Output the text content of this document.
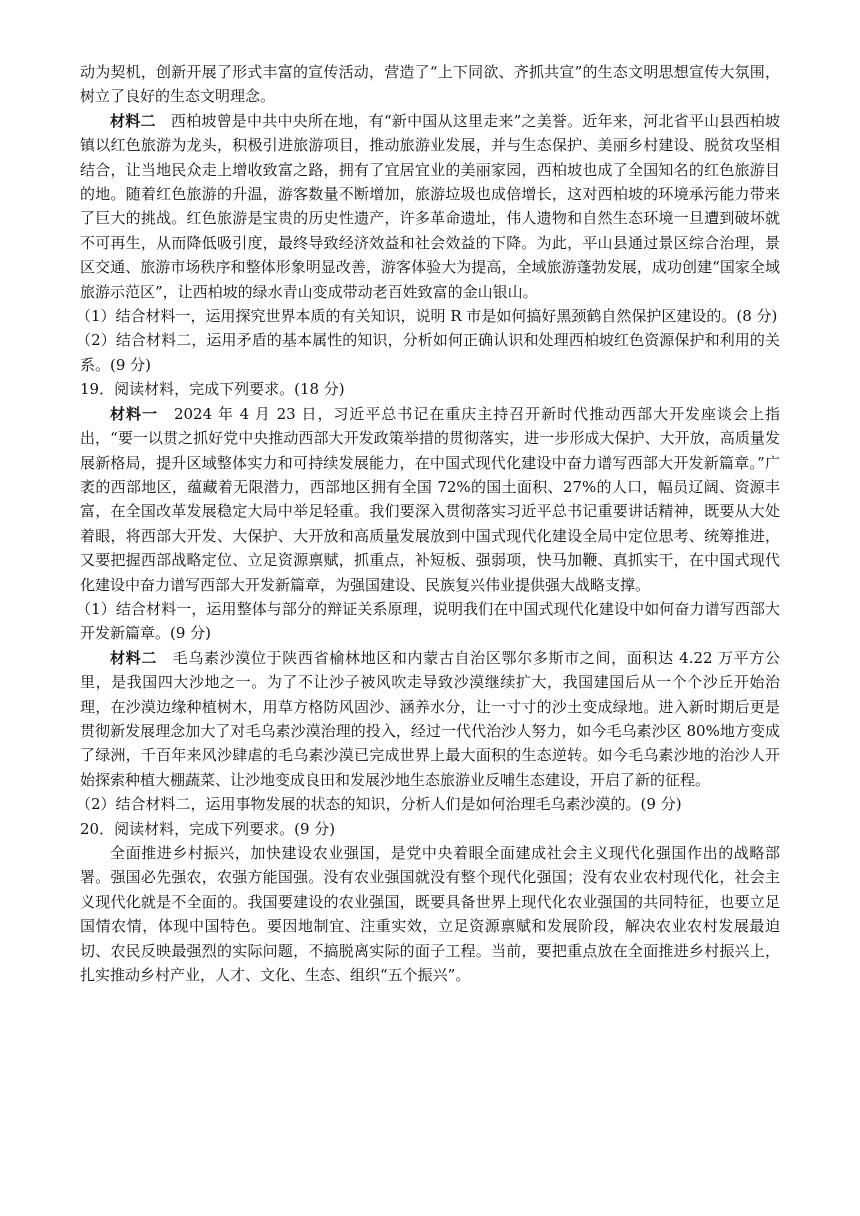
动为契机，创新开展了形式丰富的宣传活动，营造了“上下同欲、齐抓共宣”的生态文明思想宣传大氛围，树立了良好的生态文明理念。

材料二　 西柏坡曾是中共中央所在地，有“新中国从这里走来”之美誉。近年来，河北省平山县西柏坡镇以红色旅游为龙头，积极引进旅游项目，推动旅游业发展，并与生态保护、美丽乡村建设、脱贫攻坚相结合，让当地民众走上增收致富之路，拥有了宜居宜业的美丽家园，西柏坡也成了全国知名的红色旅游目的地。随着红色旅游的升温，游客数量不断增加，旅游垃圾也成倍增长，这对西柏坡的环境承污能力带来了巨大的挑战。红色旅游是宝贵的历史性遗产，许多革命遗址，伟人遗物和自然生态环境一旦遭到破坏就不可再生，从而降低吸引度，最终导致经济效益和社会效益的下降。为此，平山县通过景区综合治理，景区交通、旅游市场秩序和整体形象明显改善，游客体验大为提高，全域旅游蓬勃发展，成功创建“国家全域旅游示范区”，让西柏坡的绿水青山变成带动老百姓致富的金山银山。

（1）结合材料一，运用探究世界本质的有关知识，说明 R 市是如何搞好黑颈鹤自然保护区建设的。(8 分)

（2）结合材料二，运用矛盾的基本属性的知识，分析如何正确认识和处理西柏坡红色资源保护和利用的关系。(9 分)

19．阅读材料，完成下列要求。(18 分)

材料一　 2024 年 4 月 23 日，习近平总书记在重庆主持召开新时代推动西部大开发座谈会上指出，“要一以贯之抓好党中央推动西部大开发政策举措的贯彻落实，进一步形成大保护、大开放，高质量发展新格局，提升区域整体实力和可持续发展能力，在中国式现代化建设中奋力谱写西部大开发新篇章。”广袤的西部地区，蕴藏着无限潜力，西部地区拥有全国 72%的国土面积、27%的人口，幅员辽阔、资源丰富，在全国改革发展稳定大局中举足轻重。我们要深入贯彻落实习近平总书记重要讲话精神，既要从大处着眼，将西部大开发、大保护、大开放和高质量发展放到中国式现代化建设全局中定位思考、统筹推进，又要把握西部战略定位、立足资源禀赋，抓重点，补短板、强弱项，快马加鞭、真抓实干，在中国式现代化建设中奋力谱写西部大开发新篇章，为强国建设、民族复兴伟业提供强大战略支撑。

（1）结合材料一，运用整体与部分的辩证关系原理，说明我们在中国式现代化建设中如何奋力谱写西部大开发新篇章。(9 分)

材料二　 毛乌素沙漠位于陕西省榆林地区和内蒙古自治区鄂尔多斯市之间，面积达 4.22 万平方公里，是我国四大沙地之一。为了不让沙子被风吹走导致沙漠继续扩大，我国建国后从一个个沙丘开始治理，在沙漠边缘种植树木，用草方格防风固沙、涵养水分，让一寸寸的沙土变成绿地。进入新时期后更是贯彻新发展理念加大了对毛乌素沙漠治理的投入，经过一代代治沙人努力，如今毛乌素沙区 80%地方变成了绿洲，千百年来风沙肆虐的毛乌素沙漠已完成世界上最大面积的生态逆转。如今毛乌素沙地的治沙人开始探索种植大棚蔬菜、让沙地变成良田和发展沙地生态旅游业反哺生态建设，开启了新的征程。

（2）结合材料二，运用事物发展的状态的知识，分析人们是如何治理毛乌素沙漠的。(9 分)

20．阅读材料，完成下列要求。(9 分)

全面推进乡村振兴，加快建设农业强国，是党中央着眼全面建成社会主义现代化强国作出的战略部署。强国必先强农，农强方能国强。没有农业强国就没有整个现代化强国；没有农业农村现代化，社会主义现代化就是不全面的。我国要建设的农业强国，既要具备世界上现代化农业强国的共同特征，也要立足国情农情，体现中国特色。要因地制宜、注重实效，立足资源禀赋和发展阶段，解决农业农村发展最迫切、农民反映最强烈的实际问题，不搞脱离实际的面子工程。当前，要把重点放在全面推进乡村振兴上，扎实推动乡村产业，人才、文化、生态、组织“五个振兴”。
